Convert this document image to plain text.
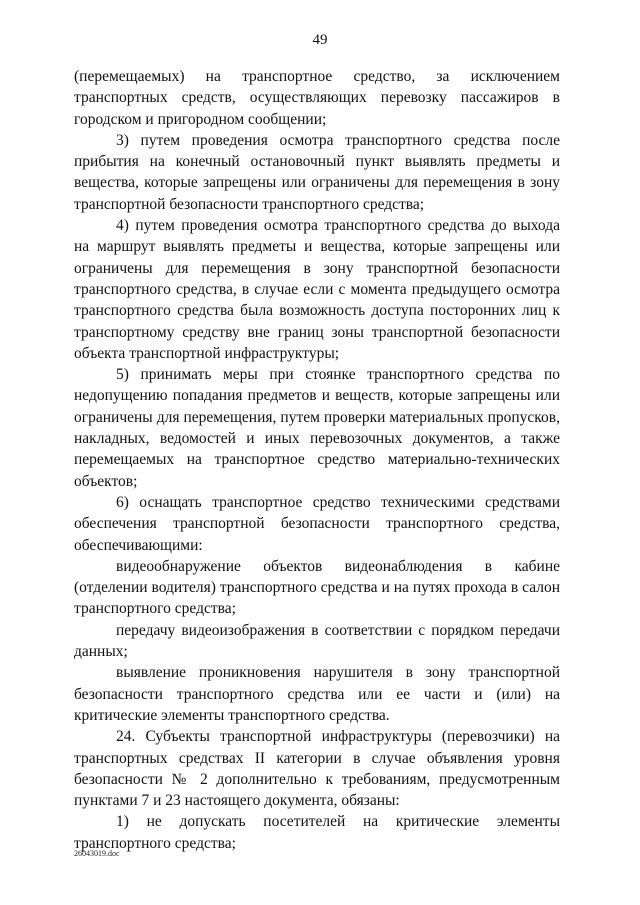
49

(перемещаемых) на транспортное средство, за исключением транспортных средств, осуществляющих перевозку пассажиров в городском и пригородном сообщении;

3) путем проведения осмотра транспортного средства после прибытия на конечный остановочный пункт выявлять предметы и вещества, которые запрещены или ограничены для перемещения в зону транспортной безопасности транспортного средства;

4) путем проведения осмотра транспортного средства до выхода на маршрут выявлять предметы и вещества, которые запрещены или ограничены для перемещения в зону транспортной безопасности транспортного средства, в случае если с момента предыдущего осмотра транспортного средства была возможность доступа посторонних лиц к транспортному средству вне границ зоны транспортной безопасности объекта транспортной инфраструктуры;

5) принимать меры при стоянке транспортного средства по недопущению попадания предметов и веществ, которые запрещены или ограничены для перемещения, путем проверки материальных пропусков, накладных, ведомостей и иных перевозочных документов, а также перемещаемых на транспортное средство материально-технических объектов;

6) оснащать транспортное средство техническими средствами обеспечения транспортной безопасности транспортного средства, обеспечивающими:

видеообнаружение объектов видеонаблюдения в кабине (отделении водителя) транспортного средства и на путях прохода в салон транспортного средства;

передачу видеоизображения в соответствии с порядком передачи данных;

выявление проникновения нарушителя в зону транспортной безопасности транспортного средства или ее части и (или) на критические элементы транспортного средства.

24. Субъекты транспортной инфраструктуры (перевозчики) на транспортных средствах II категории в случае объявления уровня безопасности № 2 дополнительно к требованиям, предусмотренным пунктами 7 и 23 настоящего документа, обязаны:

1) не допускать посетителей на критические элементы транспортного средства;

26043019.doc
